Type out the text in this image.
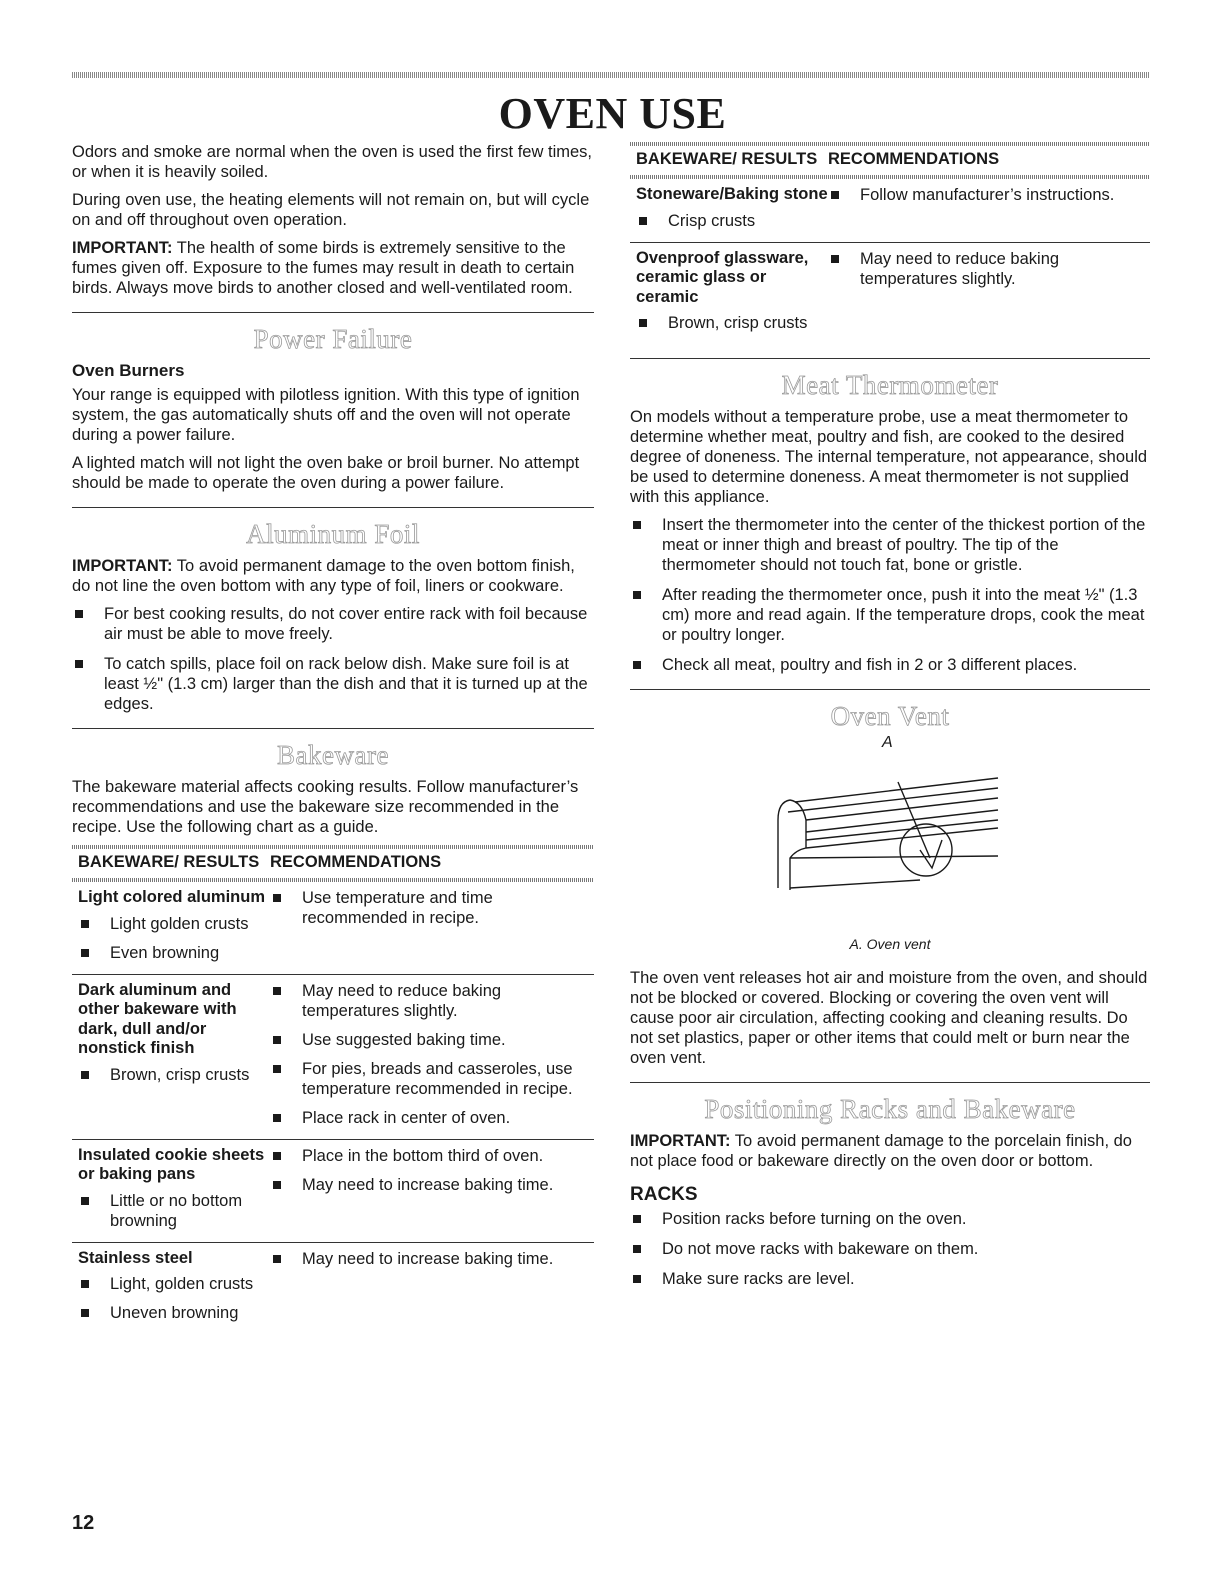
OVEN USE

Odors and smoke are normal when the oven is used the first few times, or when it is heavily soiled.

During oven use, the heating elements will not remain on, but will cycle on and off throughout oven operation.

IMPORTANT: The health of some birds is extremely sensitive to the fumes given off. Exposure to the fumes may result in death to certain birds. Always move birds to another closed and well-ventilated room.

Power Failure
Oven Burners

Your range is equipped with pilotless ignition. With this type of ignition system, the gas automatically shuts off and the oven will not operate during a power failure.

A lighted match will not light the oven bake or broil burner. No attempt should be made to operate the oven during a power failure.

Aluminum Foil

IMPORTANT: To avoid permanent damage to the oven bottom finish, do not line the oven bottom with any type of foil, liners or cookware.

For best cooking results, do not cover entire rack with foil because air must be able to move freely.
To catch spills, place foil on rack below dish. Make sure foil is at least ½" (1.3 cm) larger than the dish and that it is turned up at the edges.
Bakeware

The bakeware material affects cooking results. Follow manufacturer’s recommendations and use the bakeware size recommended in the recipe. Use the following chart as a guide.

BAKEWARE/ RESULTS RECOMMENDATIONS
Light colored aluminum
Light golden crusts
Even browning
Use temperature and time recommended in recipe.
Dark aluminum and other bakeware with dark, dull and/or nonstick finish
Brown, crisp crusts
May need to reduce baking temperatures slightly.
Use suggested baking time.
For pies, breads and casseroles, use temperature recommended in recipe.
Place rack in center of oven.
Insulated cookie sheets or baking pans
Little or no bottom browning
Place in the bottom third of oven.
May need to increase baking time.
Stainless steel
Light, golden crusts
Uneven browning
May need to increase baking time.
BAKEWARE/ RESULTS RECOMMENDATIONS
Stoneware/Baking stone
Crisp crusts
Follow manufacturer’s instructions.
Ovenproof glassware, ceramic glass or ceramic
Brown, crisp crusts
May need to reduce baking temperatures slightly.
Meat Thermometer

On models without a temperature probe, use a meat thermometer to determine whether meat, poultry and fish, are cooked to the desired degree of doneness. The internal temperature, not appearance, should be used to determine doneness. A meat thermometer is not supplied with this appliance.

Insert the thermometer into the center of the thickest portion of the meat or inner thigh and breast of poultry. The tip of the thermometer should not touch fat, bone or gristle.
After reading the thermometer once, push it into the meat ½" (1.3 cm) more and read again. If the temperature drops, cook the meat or poultry longer.
Check all meat, poultry and fish in 2 or 3 different places.
Oven Vent
A
A. Oven vent

The oven vent releases hot air and moisture from the oven, and should not be blocked or covered. Blocking or covering the oven vent will cause poor air circulation, affecting cooking and cleaning results. Do not set plastics, paper or other items that could melt or burn near the oven vent.

Positioning Racks and Bakeware

IMPORTANT: To avoid permanent damage to the porcelain finish, do not place food or bakeware directly on the oven door or bottom.

RACKS
Position racks before turning on the oven.
Do not move racks with bakeware on them.
Make sure racks are level.
12
